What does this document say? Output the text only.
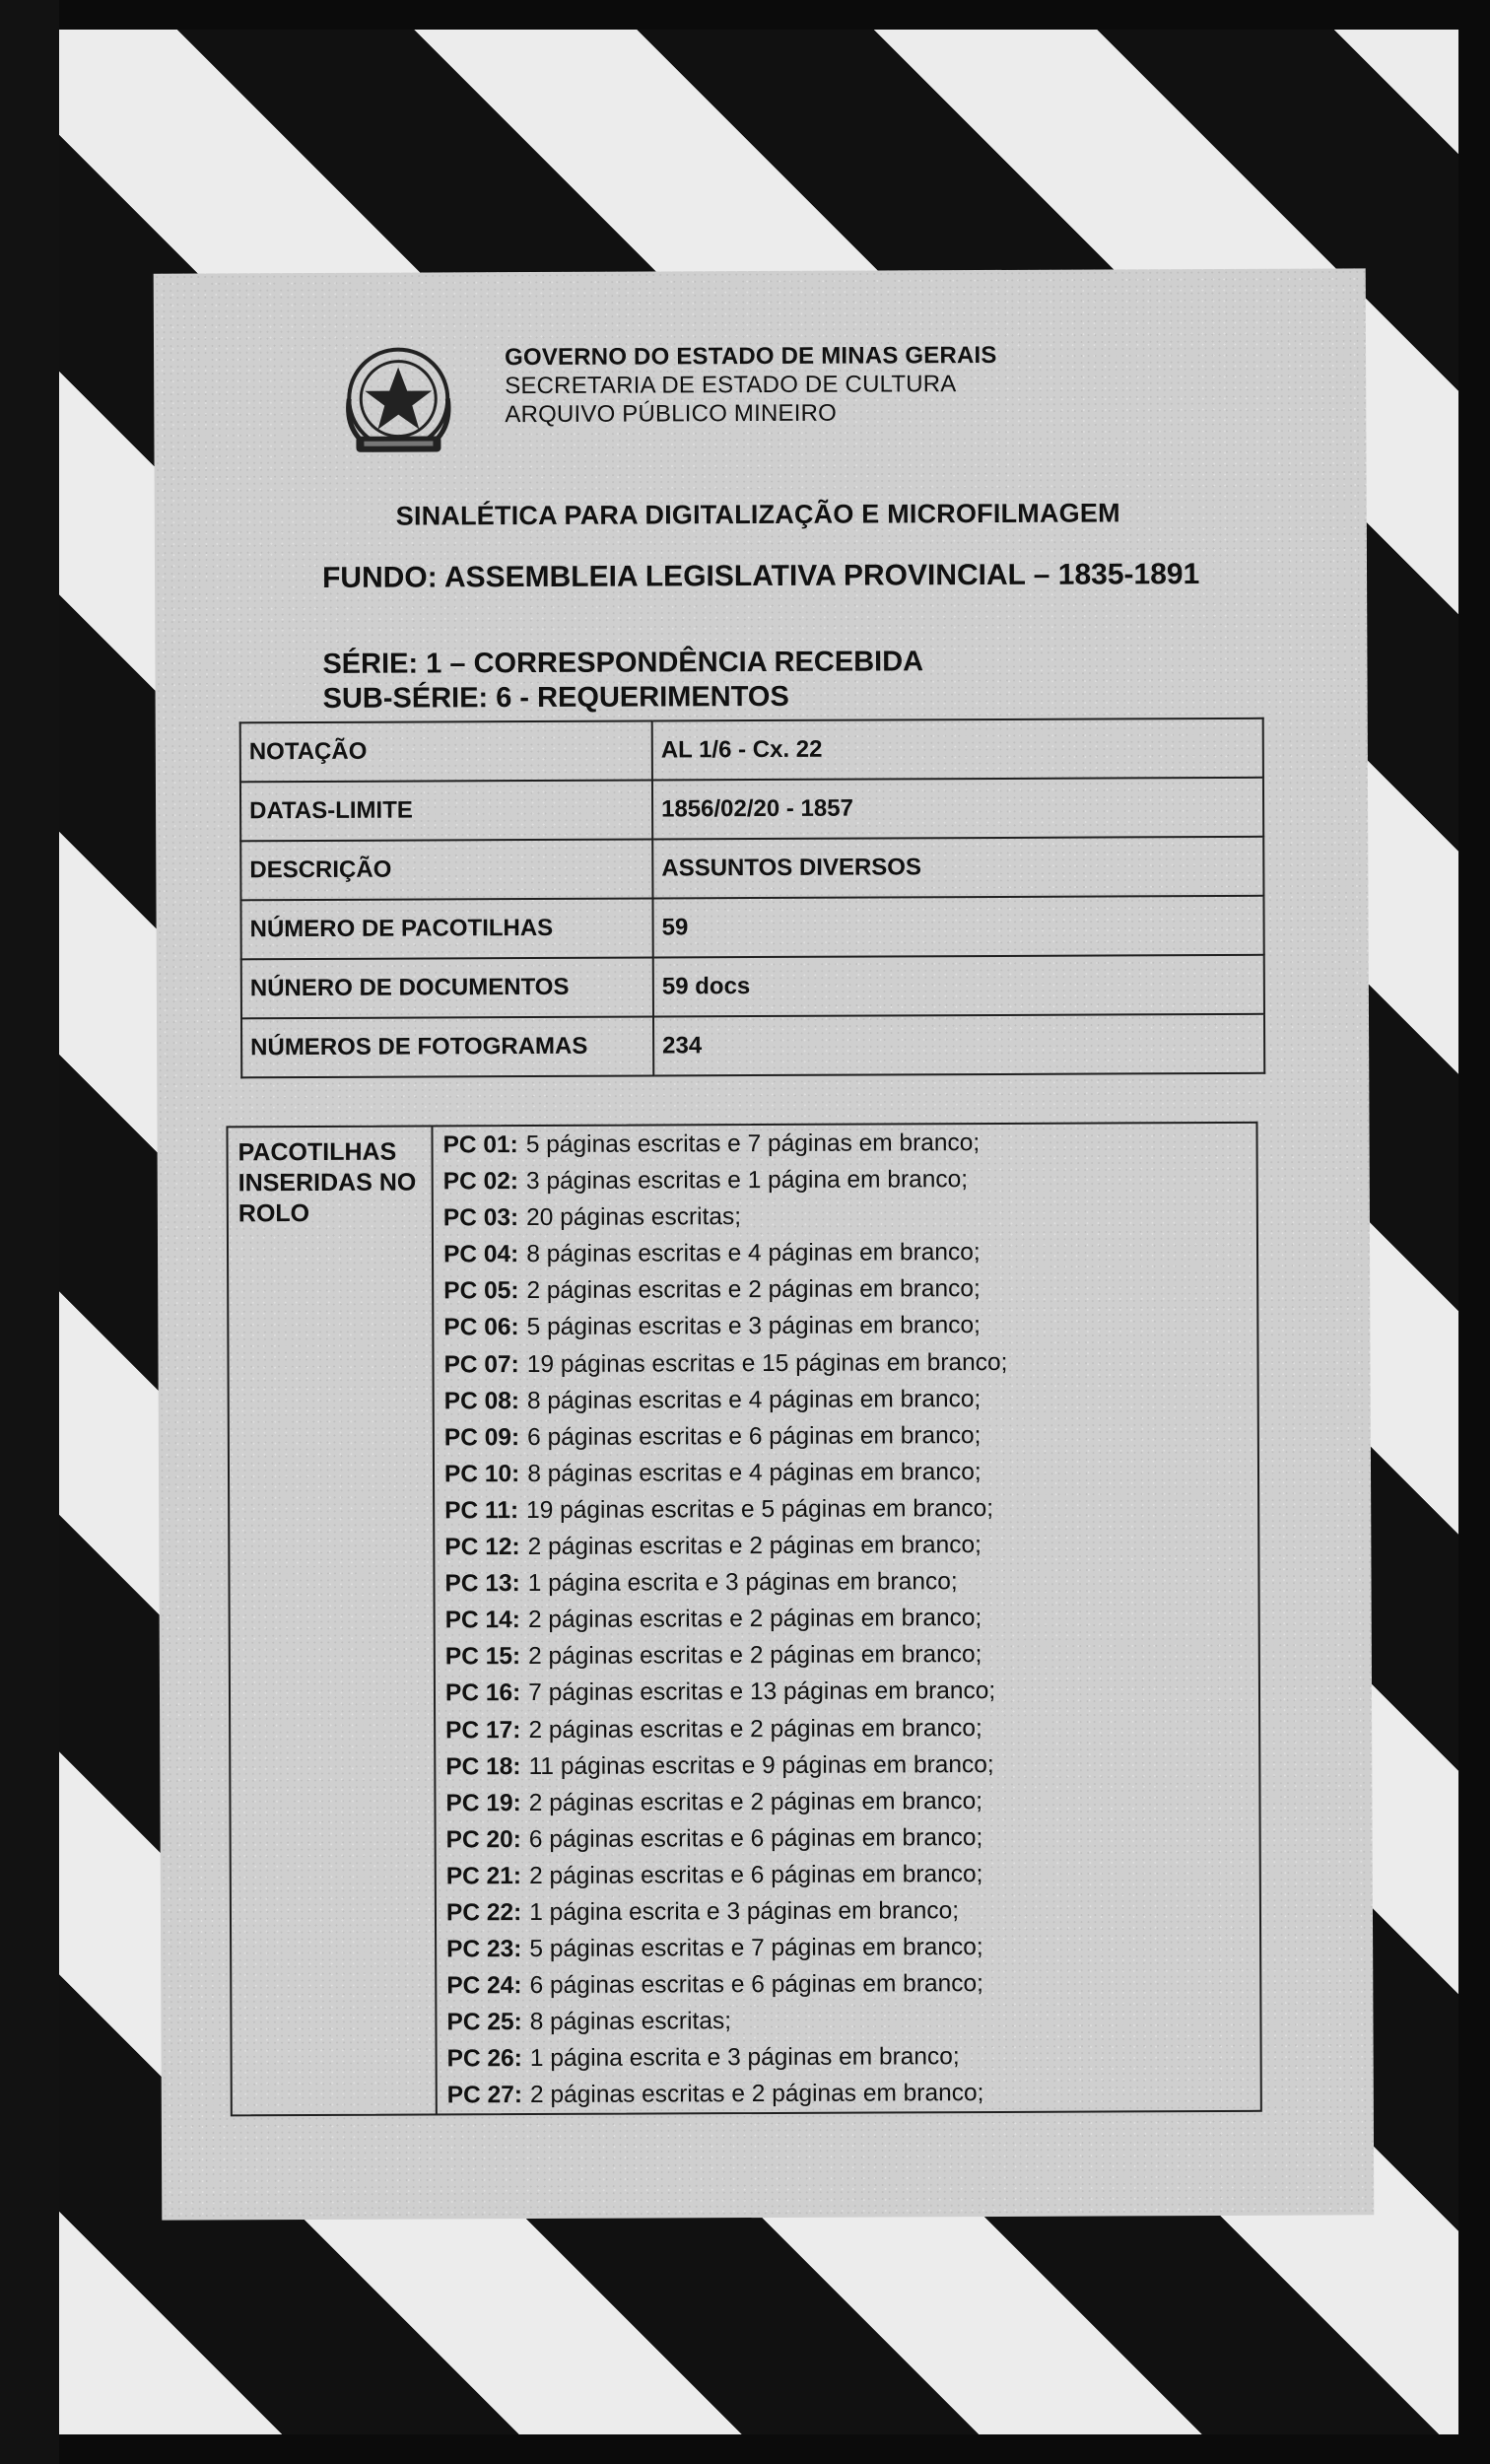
GOVERNO DO ESTADO DE MINAS GERAIS
SECRETARIA DE ESTADO DE CULTURA
ARQUIVO PÚBLICO MINEIRO
SINALÉTICA PARA DIGITALIZAÇÃO E MICROFILMAGEM
FUNDO: ASSEMBLEIA LEGISLATIVA PROVINCIAL – 1835-1891
SÉRIE: 1 – CORRESPONDÊNCIA RECEBIDA
SUB-SÉRIE: 6 - REQUERIMENTOS
NOTAÇÃO	AL 1/6 - Cx. 22
DATAS-LIMITE	1856/02/20 - 1857
DESCRIÇÃO	ASSUNTOS DIVERSOS
NÚMERO DE PACOTILHAS	59
NÚNERO DE DOCUMENTOS	59 docs
NÚMEROS DE FOTOGRAMAS	234
PACOTILHAS INSERIDAS NO ROLO
PC 01: 5 páginas escritas e 7 páginas em branco;
PC 02: 3 páginas escritas e 1 página em branco;
PC 03: 20 páginas escritas;
PC 04: 8 páginas escritas e 4 páginas em branco;
PC 05: 2 páginas escritas e 2 páginas em branco;
PC 06: 5 páginas escritas e 3 páginas em branco;
PC 07: 19 páginas escritas e 15 páginas em branco;
PC 08: 8 páginas escritas e 4 páginas em branco;
PC 09: 6 páginas escritas e 6 páginas em branco;
PC 10: 8 páginas escritas e 4 páginas em branco;
PC 11: 19 páginas escritas e 5 páginas em branco;
PC 12: 2 páginas escritas e 2 páginas em branco;
PC 13: 1 página escrita e 3 páginas em branco;
PC 14: 2 páginas escritas e 2 páginas em branco;
PC 15: 2 páginas escritas e 2 páginas em branco;
PC 16: 7 páginas escritas e 13 páginas em branco;
PC 17: 2 páginas escritas e 2 páginas em branco;
PC 18: 11 páginas escritas e 9 páginas em branco;
PC 19: 2 páginas escritas e 2 páginas em branco;
PC 20: 6 páginas escritas e 6 páginas em branco;
PC 21: 2 páginas escritas e 6 páginas em branco;
PC 22: 1 página escrita e 3 páginas em branco;
PC 23: 5 páginas escritas e 7 páginas em branco;
PC 24: 6 páginas escritas e 6 páginas em branco;
PC 25: 8 páginas escritas;
PC 26: 1 página escrita e 3 páginas em branco;
PC 27: 2 páginas escritas e 2 páginas em branco;
